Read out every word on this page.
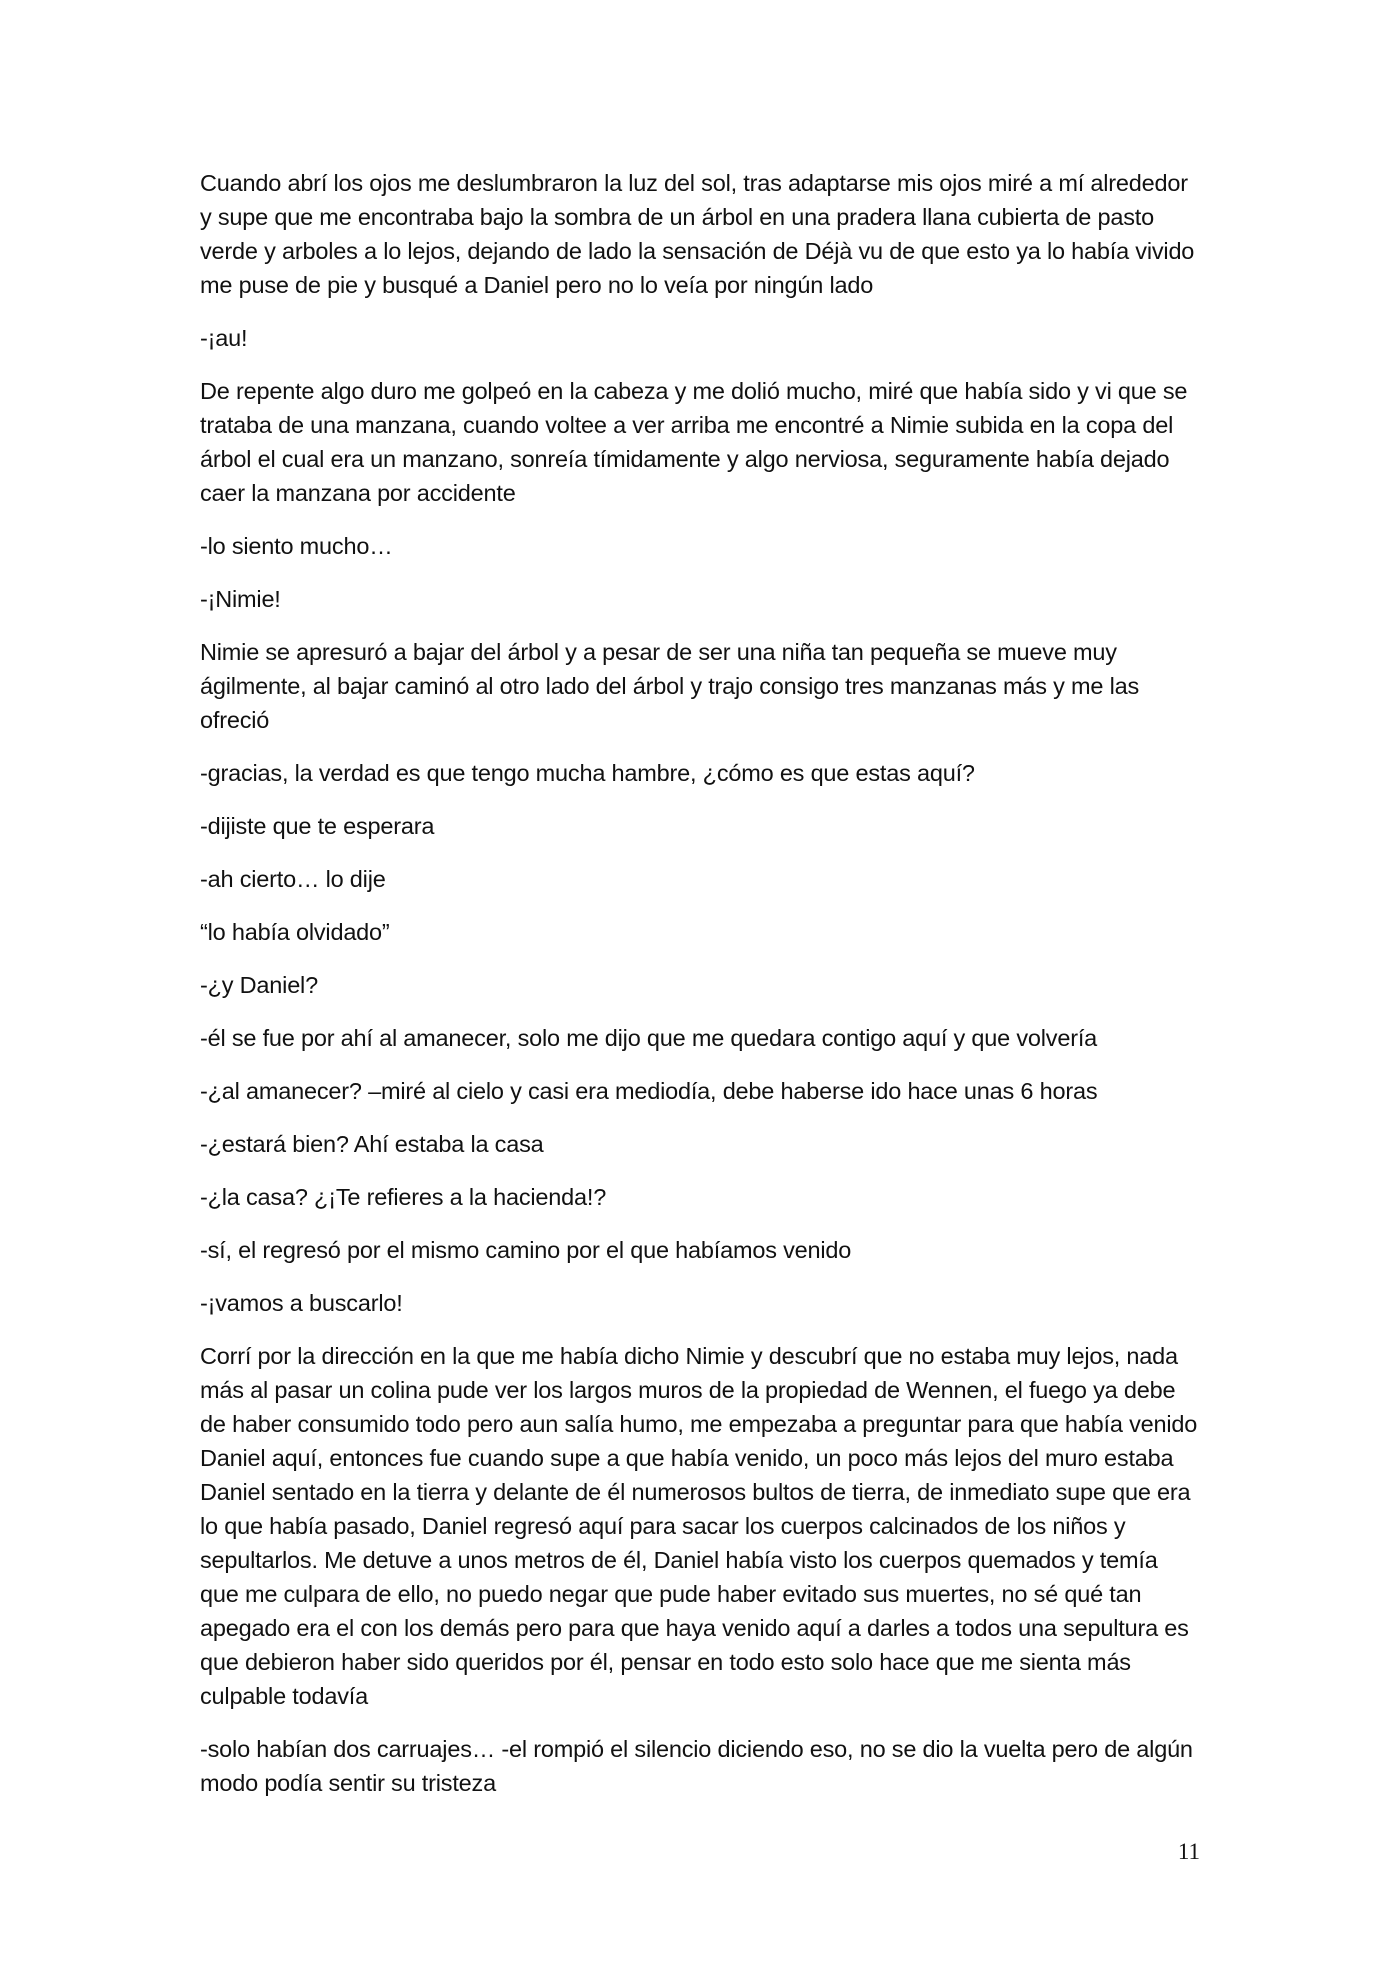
Cuando abrí los ojos me deslumbraron la luz del sol, tras adaptarse mis ojos miré a mí alrededor y supe que me encontraba bajo la sombra de un árbol en una pradera llana cubierta de pasto verde y arboles a lo lejos, dejando de lado la sensación de Déjà vu de que esto ya lo había vivido me puse de pie y busqué a Daniel pero no lo veía por ningún lado

-¡au!

De repente algo duro me golpeó en la cabeza y me dolió mucho, miré que había sido y vi que se trataba de una manzana, cuando voltee a ver arriba me encontré a Nimie subida en la copa del árbol el cual era un manzano, sonreía tímidamente y algo nerviosa, seguramente había dejado caer la manzana por accidente

-lo siento mucho…

-¡Nimie!

Nimie se apresuró a bajar del árbol y a pesar de ser una niña tan pequeña se mueve muy ágilmente, al bajar caminó al otro lado del árbol y trajo consigo tres manzanas más y me las ofreció

-gracias, la verdad es que tengo mucha hambre, ¿cómo es que estas aquí?

-dijiste que te esperara

-ah cierto… lo dije

“lo había olvidado”

-¿y Daniel?

-él se fue por ahí al amanecer, solo me dijo que me quedara contigo aquí y que volvería

-¿al amanecer? –miré al cielo y casi era mediodía, debe haberse ido hace unas 6 horas

-¿estará bien? Ahí estaba la casa

-¿la casa? ¿¡Te refieres a la hacienda!?

-sí, el regresó por el mismo camino por el que habíamos venido

-¡vamos a buscarlo!

Corrí por la dirección en la que me había dicho Nimie y descubrí que no estaba muy lejos, nada más al pasar un colina pude ver los largos muros de la propiedad de Wennen, el fuego ya debe de haber consumido todo pero aun salía humo, me empezaba a preguntar para que había venido Daniel aquí, entonces fue cuando supe a que había venido, un poco más lejos del muro estaba Daniel sentado en la tierra y delante de él numerosos bultos de tierra, de inmediato supe que era lo que había pasado, Daniel regresó aquí para sacar los cuerpos calcinados de los niños y sepultarlos. Me detuve a unos metros de él, Daniel había visto los cuerpos quemados y temía que me culpara de ello, no puedo negar que pude haber evitado sus muertes, no sé qué tan apegado era el con los demás pero para que haya venido aquí a darles a todos una sepultura es que debieron haber sido queridos por él, pensar en todo esto solo hace que me sienta más culpable todavía

-solo habían dos carruajes… -el rompió el silencio diciendo eso, no se dio la vuelta pero de algún modo podía sentir su tristeza

11
